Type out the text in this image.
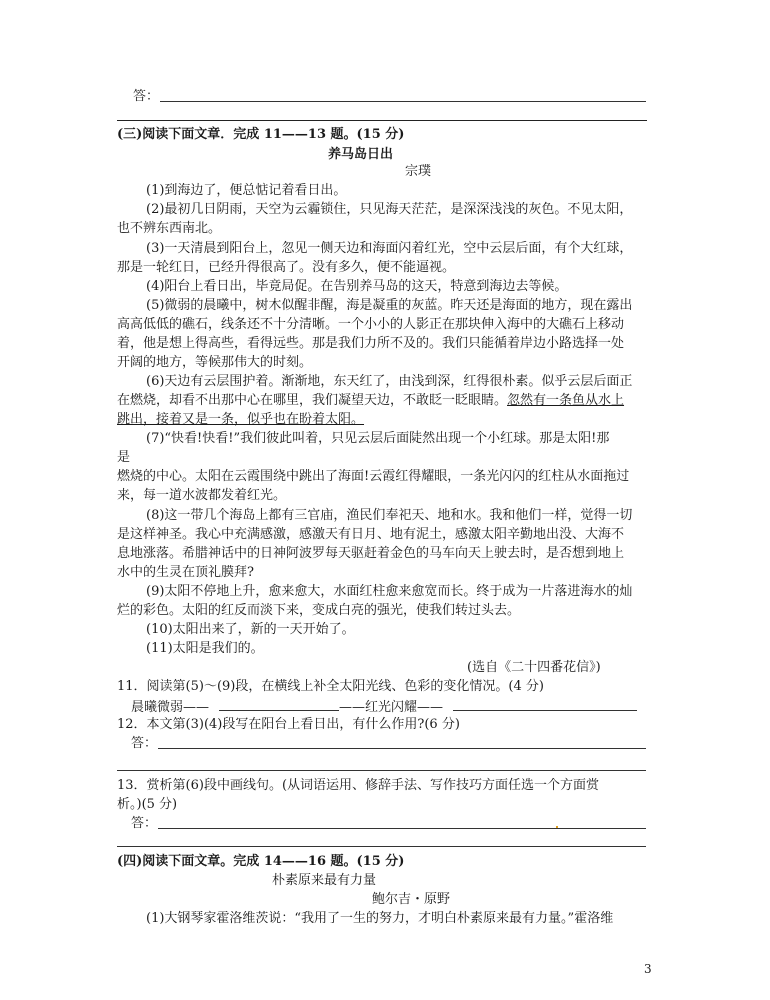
答：
(三)阅读下面文章．完成 11——13 题。(15 分)
养马岛日出
宗璞
(1)到海边了，便总惦记着看日出。
(2)最初几日阴雨，天空为云霾锁住，只见海天茫茫，是深深浅浅的灰色。不见太阳，
也不辨东西南北。
(3)一天清晨到阳台上，忽见一侧天边和海面闪着红光，空中云层后面，有个大红球，
那是一轮红日，已经升得很高了。没有多久，便不能逼视。
(4)阳台上看日出，毕竟局促。在告别养马岛的这天，特意到海边去等候。
(5)微弱的晨曦中，树木似醒非醒，海是凝重的灰蓝。昨天还是海面的地方，现在露出
高高低低的礁石，线条还不十分清晰。一个小小的人影正在那块伸入海中的大礁石上移动
着，他是想上得高些，看得远些。那是我们力所不及的。我们只能循着岸边小路选择一处
开阔的地方，等候那伟大的时刻。
(6)天边有云层围护着。渐渐地，东天红了，由浅到深，红得很朴素。似乎云层后面正
在燃烧，却看不出那中心在哪里，我们凝望天边，不敢眨一眨眼睛。忽然有一条鱼从水上
跳出，接着又是一条，似乎也在盼着太阳。
(7)“快看!快看!”我们彼此叫着，只见云层后面陡然出现一个小红球。那是太阳!那
是
燃烧的中心。太阳在云霞围绕中跳出了海面!云霞红得耀眼，一条光闪闪的红柱从水面拖过
来，每一道水波都发着红光。
(8)这一带几个海岛上都有三官庙，渔民们奉祀天、地和水。我和他们一样，觉得一切
是这样神圣。我心中充满感激，感激天有日月、地有泥土，感激太阳辛勤地出没、大海不
息地涨落。希腊神话中的日神阿波罗每天驱赶着金色的马车向天上驶去时，是否想到地上
水中的生灵在顶礼膜拜?
(9)太阳不停地上升，愈来愈大，水面红柱愈来愈宽而长。终于成为一片落进海水的灿
烂的彩色。太阳的红反而淡下来，变成白亮的强光，使我们转过头去。
(10)太阳出来了，新的一天开始了。
(11)太阳是我们的。
(选自《二十四番花信》)
11．阅读第(5)～(9)段，在横线上补全太阳光线、色彩的变化情况。(4 分)
晨曦微弱——	——红光闪耀——
12．本文第(3)(4)段写在阳台上看日出，有什么作用?(6 分)
答：
13．赏析第(6)段中画线句。(从词语运用、修辞手法、写作技巧方面任选一个方面赏
析。)(5 分)
答：
(四)阅读下面文章。完成 14——16 题。(15 分)
朴素原来最有力量
鲍尔吉・原野
(1)大钢琴家霍洛维茨说：“我用了一生的努力，才明白朴素原来最有力量。”霍洛维
3
